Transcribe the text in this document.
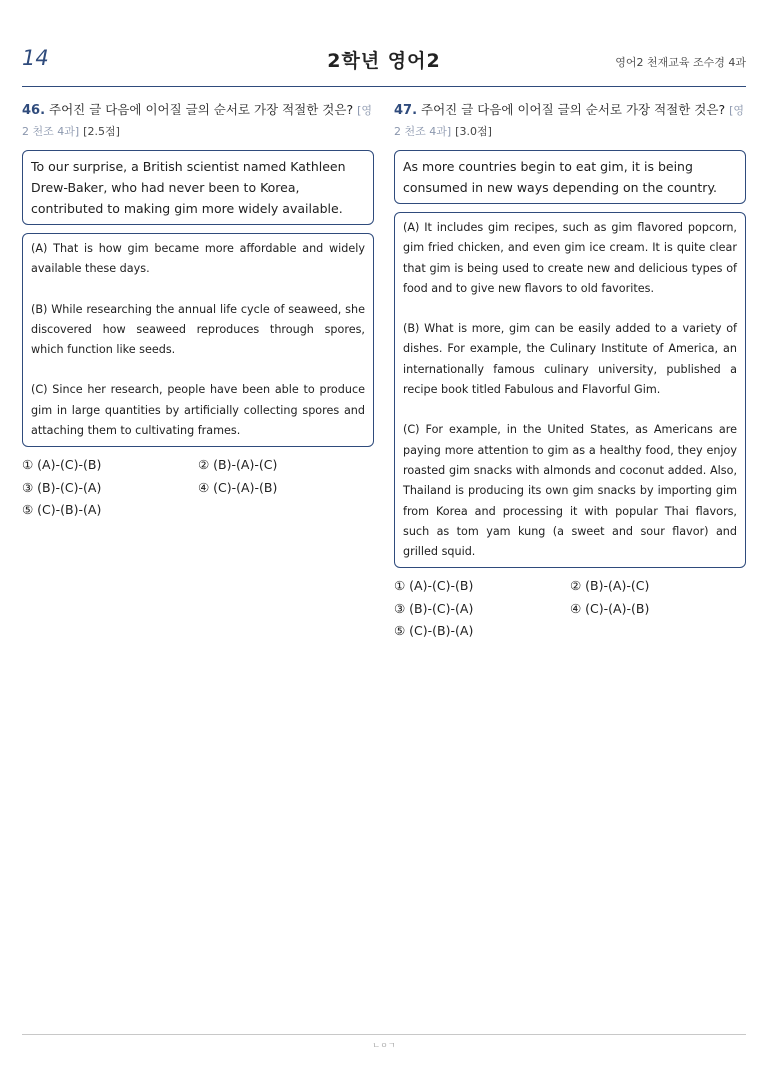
14	2학년 영어2	영어2 천재교육 조수경 4과
46. 주어진 글 다음에 이어질 글의 순서로 가장 적절한 것은? [영2 천조 4과] [2.5점]

To our surprise, a British scientist named Kathleen Drew-Baker, who had never been to Korea, contributed to making gim more widely available.

(A) That is how gim became more affordable and widely available these days.

(B) While researching the annual life cycle of seaweed, she discovered how seaweed reproduces through spores, which function like seeds.

(C) Since her research, people have been able to produce gim in large quantities by artificially collecting spores and attaching them to cultivating frames.

① (A)-(C)-(B)	② (B)-(A)-(C)
③ (B)-(C)-(A)	④ (C)-(A)-(B)
⑤ (C)-(B)-(A)
47. 주어진 글 다음에 이어질 글의 순서로 가장 적절한 것은? [영2 천조 4과] [3.0점]

As more countries begin to eat gim, it is being consumed in new ways depending on the country.

(A) It includes gim recipes, such as gim flavored popcorn, gim fried chicken, and even gim ice cream. It is quite clear that gim is being used to create new and delicious types of food and to give new flavors to old favorites.

(B) What is more, gim can be easily added to a variety of dishes. For example, the Culinary Institute of America, an internationally famous culinary university, published a recipe book titled Fabulous and Flavorful Gim.

(C) For example, in the United States, as Americans are paying more attention to gim as a healthy food, they enjoy roasted gim snacks with almonds and coconut added. Also, Thailand is producing its own gim snacks by importing gim from Korea and processing it with popular Thai flavors, such as tom yam kung (a sweet and sour flavor) and grilled squid.

① (A)-(C)-(B)	② (B)-(A)-(C)
③ (B)-(C)-(A)	④ (C)-(A)-(B)
⑤ (C)-(B)-(A)
ㄴㅇㄱ
